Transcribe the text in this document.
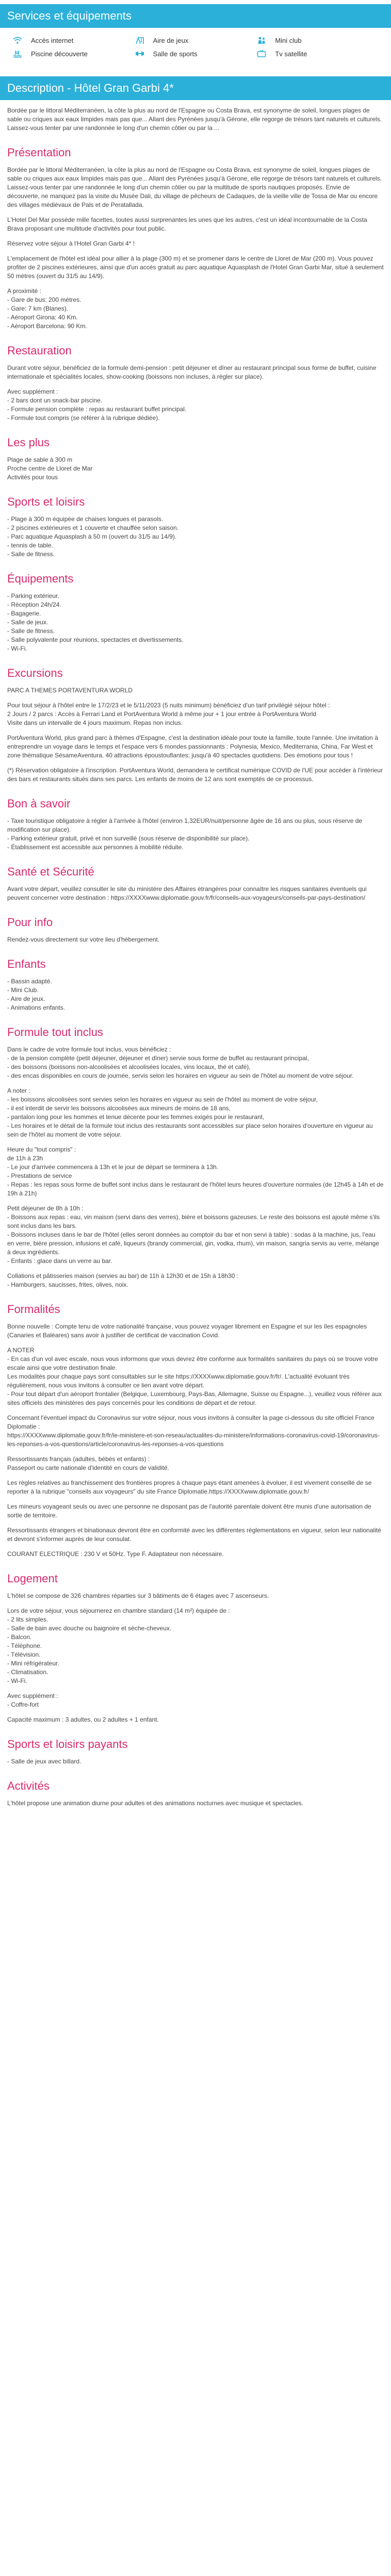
Services et équipements
Accès internet	Aire de jeux	Mini club
Piscine découverte	Salle de sports	Tv satellite
Description - Hôtel Gran Garbi 4*

Bordée par le littoral Méditerranéen, la côte la plus au nord de l'Espagne ou Costa Brava, est synonyme de soleil, longues plages de sable ou criques aux eaux limpides mais pas que... Allant des Pyrénées jusqu'à Gérone, elle regorge de trésors tant naturels et culturels. Laissez-vous tenter par une randonnée le long d'un chemin côtier ou par la ...

Présentation

Bordée par le littoral Méditerranéen, la côte la plus au nord de l'Espagne ou Costa Brava, est synonyme de soleil, longues plages de sable ou criques aux eaux limpides mais pas que... Allant des Pyrénées jusqu'à Gérone, elle regorge de trésors tant naturels et culturels. Laissez-vous tenter par une randonnée le long d'un chemin côtier ou par la multitude de sports nautiques proposés. Envie de découverte, ne manquez pas la visite du Musée Dali, du village de pêcheurs de Cadaques, de la vieille ville de Tossa de Mar ou encore des villages médiévaux de Pals et de Peratallada.

L'Hotel Del Mar possède mille facettes, toutes aussi surprenantes les unes que les autres, c'est un idéal incontournable de la Costa Brava proposant une multitude d'activités pour tout public.

Réservez votre séjour à l'Hotel Gran Garbi 4* !

L'emplacement de l'hôtel est idéal pour allier à la plage (300 m) et se promener dans le centre de Lloret de Mar (200 m). Vous pouvez profiter de 2 piscines extérieures, ainsi que d'un accès gratuit au parc aquatique Aquasplash de l'Hotel Gran Garbi Mar, situé à seulement 50 mètres (ouvert du 31/5 au 14/9).

A proximité :
- Gare de bus: 200 mètres.
- Gare: 7 km (Blanes).
- Aéroport Girona: 40 Km.
- Aéroport Barcelona: 90 Km.

Restauration

Durant votre séjour, bénéficiez de la formule demi-pension : petit déjeuner et dîner au restaurant principal sous forme de buffet, cuisine internationale et spécialités locales, show-cooking (boissons non incluses, à régler sur place).

Avec supplément :
- 2 bars dont un snack-bar piscine.
- Formule pension complète : repas au restaurant buffet principal.
- Formule tout compris (se référer à la rubrique dédiée).

Les plus

Plage de sable à 300 m
Proche centre de Lloret de Mar
Activités pour tous

Sports et loisirs

- Plage à 300 m équipée de chaises longues et parasols.
- 2 piscines extérieures et 1 couverte et chauffée selon saison.
- Parc aquatique Aquasplash à 50 m (ouvert du 31/5 au 14/9).
- tennis de table.
- Salle de fitness.

Équipements

- Parking extérieur.
- Réception 24h/24.
- Bagagerie.
- Salle de jeux.
- Salle de fitness.
- Salle polyvalente pour réunions, spectacles et divertissements.
- Wi-Fi.

Excursions

PARC A THEMES PORTAVENTURA WORLD

Pour tout séjour à l'hôtel entre le 17/2/23 et le 5/11/2023 (5 nuits minimum) bénéficiez d'un tarif privilégié séjour hôtel :
2 Jours / 2 parcs : Accès à Ferrari Land et PortAventura World à même jour + 1 jour entrée à PortAventura World
Visite dans un intervalle de 4 jours maximum. Repas non inclus.

PortAventura World, plus grand parc à thèmes d'Espagne, c'est la destination idéale pour toute la famille, toute l'année. Une invitation à entreprendre un voyage dans le temps et l'espace vers 6 mondes passionnants : Polynesia, Mexico, Mediterrania, China, Far West et zone thématique SésameAventura. 40 attractions époustouflantes; jusqu'à 40 spectacles quotidiens. Des émotions pour tous !

(*) Réservation obligatoire à l'inscription. PortAventura World, demandera le certificat numérique COVID de l'UE pour accéder à l'intérieur des bars et restaurants situés dans ses parcs. Les enfants de moins de 12 ans sont exemptés de ce processus.

Bon à savoir

- Taxe touristique obligatoire à régler à l'arrivée à l'hôtel (environ 1,32EUR/nuit/personne âgée de 16 ans ou plus, sous réserve de modification sur place).
- Parking extérieur gratuit, privé et non surveillé (sous réserve de disponibilité sur place).
- Établissement est accessible aux personnes à mobilité réduite.

Santé et Sécurité

Avant votre départ, veuillez consulter le site du ministère des Affaires étrangères pour connaître les risques sanitaires éventuels qui peuvent concerner votre destination : https://XXXXwww.diplomatie.gouv.fr/fr/conseils-aux-voyageurs/conseils-par-pays-destination/

Pour info

Rendez-vous directement sur votre lieu d'hébergement.

Enfants

- Bassin adapté.
- Mini Club.
- Aire de jeux.
- Animations enfants.

Formule tout inclus

Dans le cadre de votre formule tout inclus, vous bénéficiez :
- de la pension complète (petit déjeuner, déjeuner et dîner) servie sous forme de buffet au restaurant principal,
- des boissons (boissons non-alcoolisées et alcoolisées locales, vins locaux, thé et café),
- des encas disponibles en cours de journée, servis selon les horaires en vigueur au sein de l'hôtel au moment de votre séjour.

A noter :
- les boissons alcoolisées sont servies selon les horaires en vigueur au sein de l'hôtel au moment de votre séjour,
- il est interdit de servir les boissons alcoolisées aux mineurs de moins de 18 ans,
- pantalon long pour les hommes et tenue décente pour les femmes exigés pour le restaurant,
- Les horaires et le détail de la formule tout inclus des restaurants sont accessibles sur place selon horaires d'ouverture en vigueur au sein de l'hôtel au moment de votre séjour.

Heure du "tout compris" :
de 11h à 23h
- Le jour d'arrivée commencera à 13h et le jour de départ se terminera à 13h.
- Prestations de service
- Repas : les repas sous forme de buffet sont inclus dans le restaurant de l'hôtel leurs heures d'ouverture normales (de 12h45 à 14h et de 19h à 21h)

Petit déjeuner de 8h à 10h :
- Boissons aux repas : eau, vin maison (servi dans des verres), bière et boissons gazeuses. Le reste des boissons est ajouté même s'ils sont inclus dans les bars.
- Boissons incluses dans le bar de l'hôtel (elles seront données au comptoir du bar et non servi à table) : sodas à la machine, jus, l'eau en verre, bière pression, infusions et café, liqueurs (brandy commercial, gin, vodka, rhum), vin maison, sangria servis au verre, mélange à deux ingrédients.
- Enfants : glace dans un verre au bar.

Collations et pâtisseries maison (servies au bar) de 11h à 12h30 et de 15h à 18h30 :
- Hamburgers, saucisses, frites, olives, noix.

Formalités

Bonne nouvelle : Compte tenu de votre nationalité française, vous pouvez voyager librement en Espagne et sur les îles espagnoles (Canaries et Baléares) sans avoir à justifier de certificat de vaccination Covid.

A NOTER
- En cas d'un vol avec escale, nous vous informons que vous devrez être conforme aux formalités sanitaires du pays où se trouve votre escale ainsi que votre destination finale.
Les modalités pour chaque pays sont consultables sur le site https://XXXXwww.diplomatie.gouv.fr/fr/. L'actualité évoluant très régulièrement, nous vous invitons à consulter ce lien avant votre départ.
- Pour tout départ d'un aéroport frontalier (Belgique, Luxembourg, Pays-Bas, Allemagne, Suisse ou Espagne...), veuillez vous référer aux sites officiels des ministères des pays concernés pour les conditions de départ et de retour.

Concernant l'éventuel impact du Coronavirus sur votre séjour, nous vous invitons à consulter la page ci-dessous du site officiel France Diplomatie :
https://XXXXwww.diplomatie.gouv.fr/fr/le-ministere-et-son-reseau/actualites-du-ministere/informations-coronavirus-covid-19/coronavirus-les-reponses-a-vos-questions/article/coronavirus-les-reponses-a-vos-questions

Ressortissants français (adultes, bébés et enfants) :
Passeport ou carte nationale d'identité en cours de validité.

Les règles relatives au franchissement des frontières propres à chaque pays étant amenées à évoluer, il est vivement conseillé de se reporter à la rubrique "conseils aux voyageurs" du site France Diplomatie.https://XXXXwww.diplomatie.gouv.fr/

Les mineurs voyageant seuls ou avec une personne ne disposant pas de l'autorité parentale doivent être munis d'une autorisation de sortie de territoire.

Ressortissants étrangers et binationaux devront être en conformité avec les différentes réglementations en vigueur, selon leur nationalité et devront s'informer auprès de leur consulat.

COURANT ELECTRIQUE : 230 V et 50Hz. Type F. Adaptateur non nécessaire.

Logement

L'hôtel se compose de 326 chambres réparties sur 3 bâtiments de 6 étages avec 7 ascenseurs.

Lors de votre séjour, vous séjournerez en chambre standard (14 m²) équipée de :
- 2 lits simples.
- Salle de bain avec douche ou baignoire et sèche-cheveux.
- Balcon.
- Téléphone.
- Télévision.
- Mini réfrigérateur.
- Climatisation.
- Wi-Fi.

Avec supplément :
- Coffre-fort

Capacité maximum : 3 adultes, ou 2 adultes + 1 enfant.

Sports et loisirs payants

- Salle de jeux avec billard.

Activités

L'hôtel propose une animation diurne pour adultes et des animations nocturnes avec musique et spectacles.
